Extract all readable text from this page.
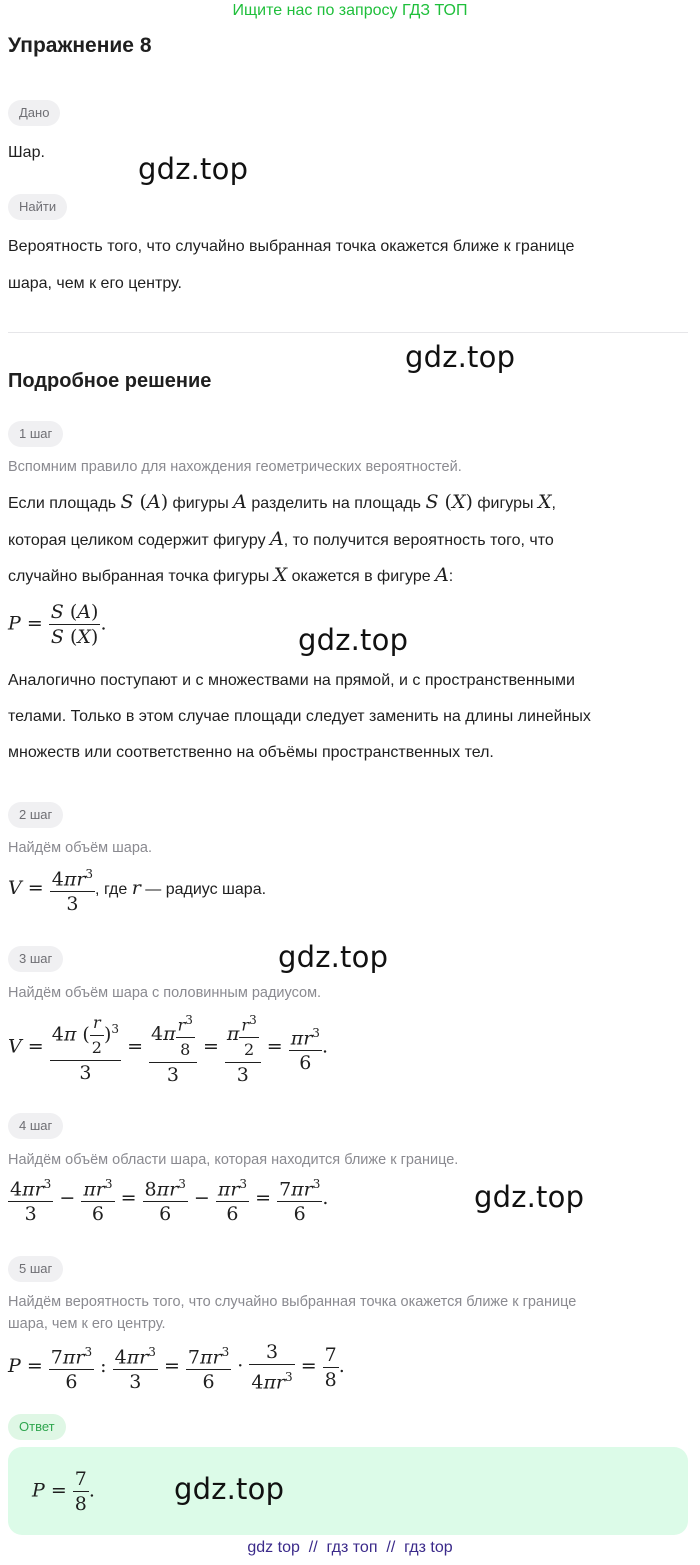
Ищите нас по запросу ГДЗ ТОП
Упражнение 8
Дано
Шар.	gdz.top
Найти
Вероятность того, что случайно выбранная точка окажется ближе к границе
шара, чем к его центру.
gdz.top
Подробное решение
1 шаг
Вспомним правило для нахождения геометрических вероятностей.
Если площадь S (A) фигуры A разделить на площадь S (X) фигуры X,
которая целиком содержит фигуру A, то получится вероятность того, что
случайно выбранная точка фигуры X окажется в фигуре A:
$P = \frac{S (A)}{S (X)}$ .	gdz.top
Аналогично поступают и с множествами на прямой, и с пространственными
телами. Только в этом случае площади следует заменить на длины линейных
множеств или соответственно на объёмы пространственных тел.
2 шаг
Найдём объём шара.
$V = \frac{4\pi r^3}{3}$ , где r — радиус шара.
3 шаг	gdz.top
Найдём объём шара с половинным радиусом.
$V = \frac{4\pi ( \frac{r}{2} )^3}{3} = \frac{4\pi \frac{r^3}{8}}{3} = \frac{\pi \frac{r^3}{2}}{3} = \frac{\pi r^3}{6}$ .
4 шаг
Найдём объём области шара, которая находится ближе к границе.
$\frac{4\pi r^3}{3} - \frac{\pi r^3}{6} = \frac{8\pi r^3}{6} - \frac{\pi r^3}{6} = \frac{7\pi r^3}{6}$ .	gdz.top
5 шаг
Найдём вероятность того, что случайно выбранная точка окажется ближе к границе
шара, чем к его центру.
$P = \frac{7\pi r^3}{6}$ : $\frac{4\pi r^3}{3} = \frac{7\pi r^3}{6} \cdot \frac{3}{4\pi r^3} = \frac{7}{8}$ .
Ответ
$P = \frac{7}{8}$ .	gdz.top
gdz top  //  гдз топ  //  гдз top
